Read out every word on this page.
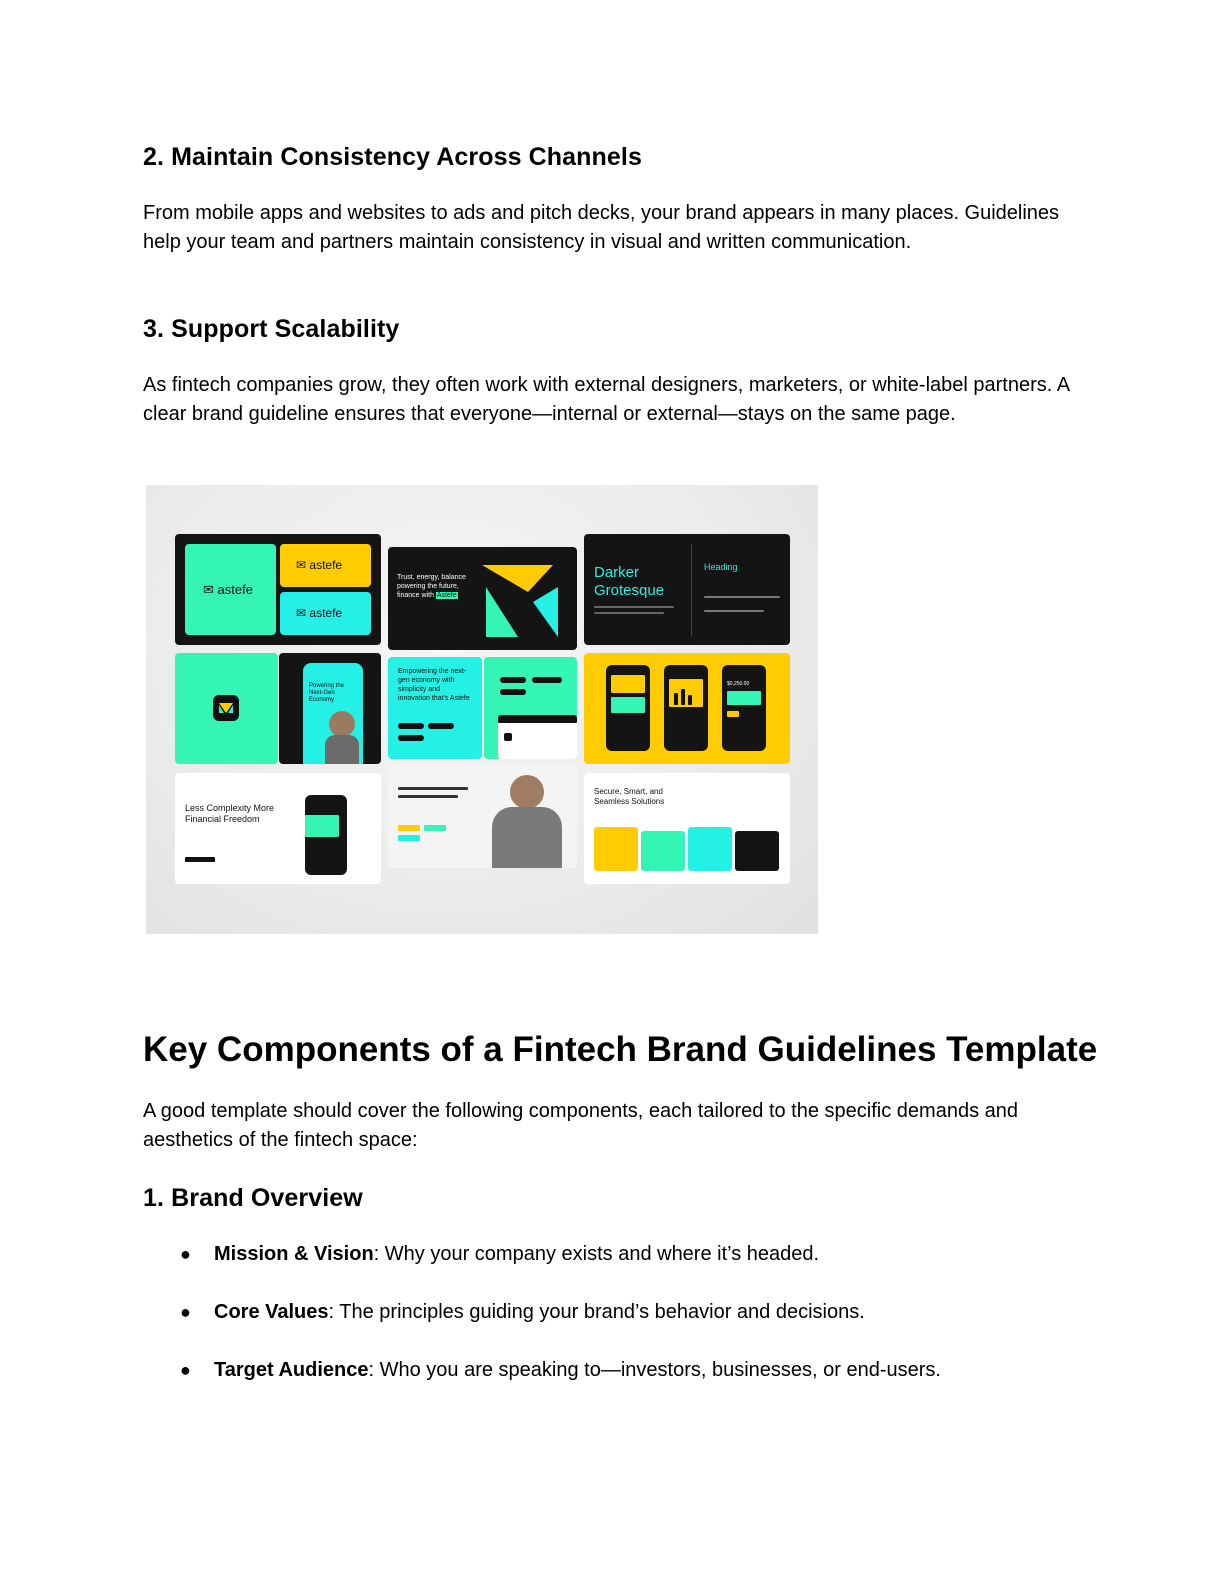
2. Maintain Consistency Across Channels

From mobile apps and websites to ads and pitch decks, your brand appears in many places. Guidelines help your team and partners maintain consistency in visual and written communication.

3. Support Scalability

As fintech companies grow, they often work with external designers, marketers, or white-label partners. A clear brand guideline ensures that everyone—internal or external—stays on the same page.

✉ astefe
✉ astefe
✉ astefe
Trust, energy, balance powering the future, finance with Astefe
Darker Grotesque
Heading
Powering the Next-Gen Economy
Empowering the next-gen economy with simplicity and innovation that's Astefe
$0,250.00
Less Complexity More Financial Freedom
Secure, Smart, and Seamless Solutions
Key Components of a Fintech Brand Guidelines Template

A good template should cover the following components, each tailored to the specific demands and aesthetics of the fintech space:

1. Brand Overview
● Mission & Vision: Why your company exists and where it’s headed.
● Core Values: The principles guiding your brand’s behavior and decisions.
● Target Audience: Who you are speaking to—investors, businesses, or end-users.
